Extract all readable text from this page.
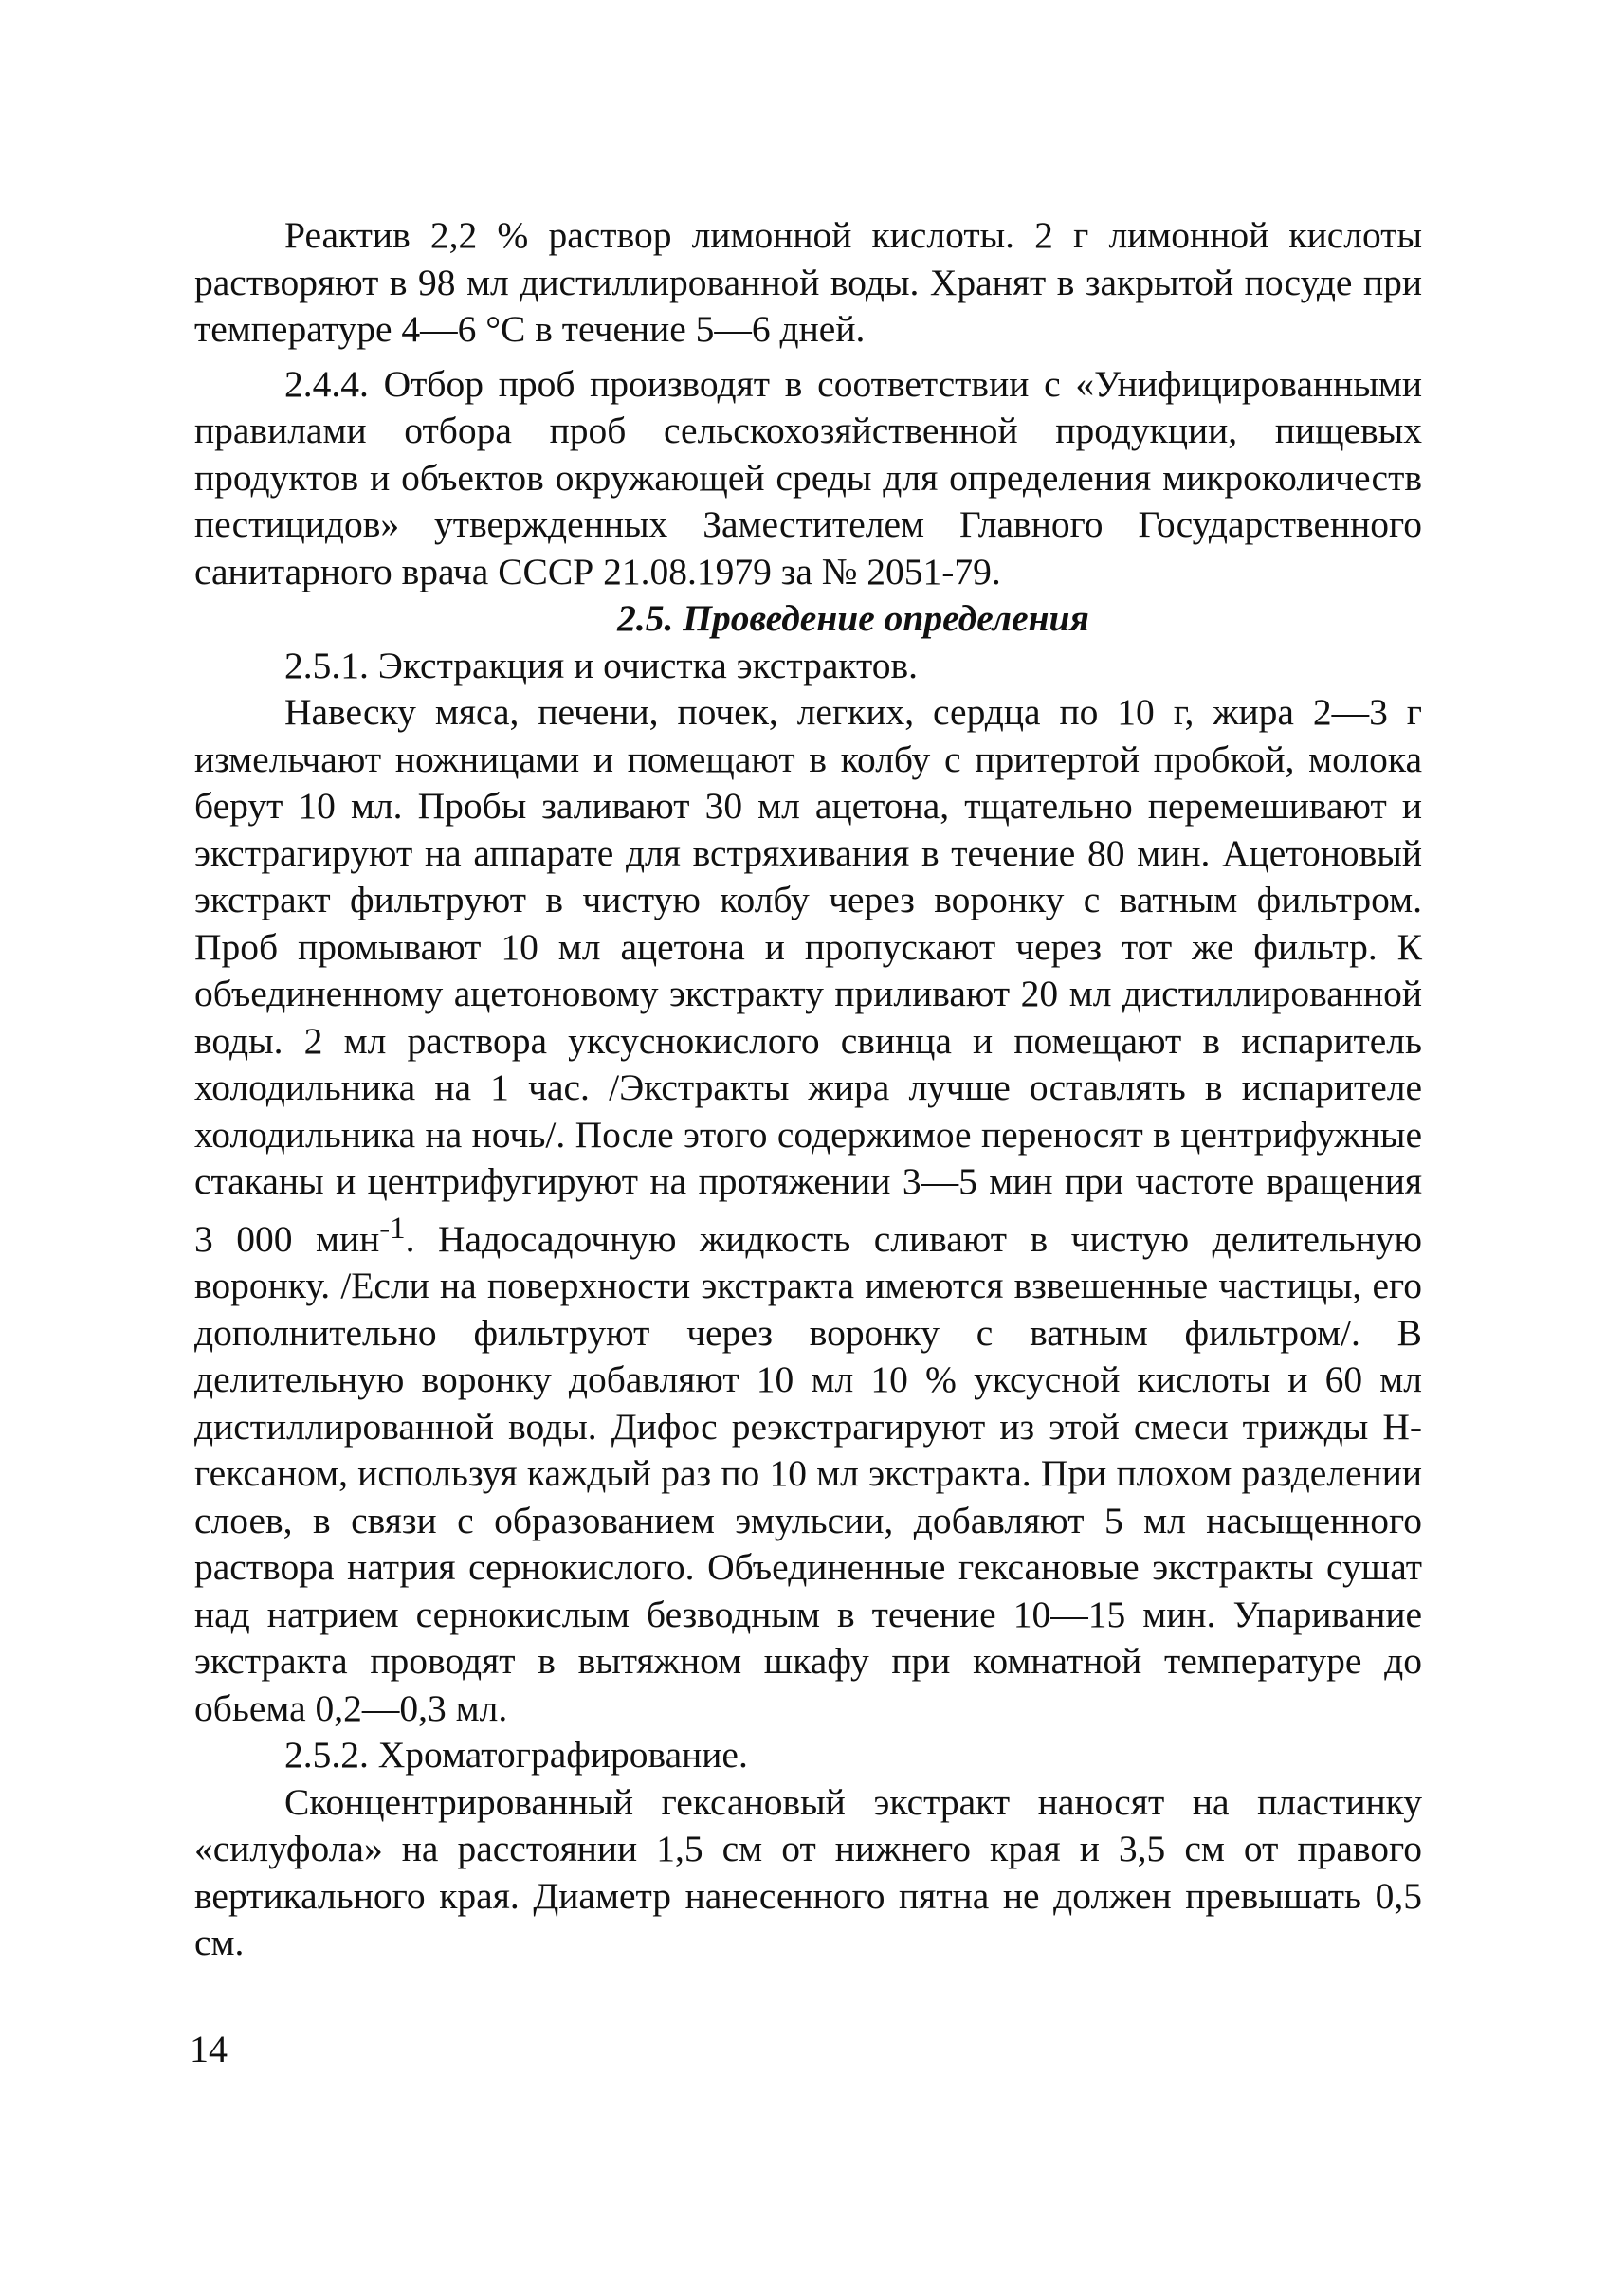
Реактив 2,2 % раствор лимонной кислоты. 2 г лимонной кислоты растворяют в 98 мл дистиллированной воды. Хранят в закрытой посуде при температуре 4—6 °С в течение 5—6 дней.

2.4.4. Отбор проб производят в соответствии с «Унифицированными правилами отбора проб сельскохозяйственной продукции, пищевых продуктов и объектов окружающей среды для определения микроколичеств пестицидов» утвержденных Заместителем Главного Государственного санитарного врача СССР 21.08.1979 за № 2051-79.

2.5. Проведение определения

2.5.1. Экстракция и очистка экстрактов.

Навеску мяса, печени, почек, легких, сердца по 10 г, жира 2—3 г измельчают ножницами и помещают в колбу с притертой пробкой, молока берут 10 мл. Пробы заливают 30 мл ацетона, тщательно перемешивают и экстрагируют на аппарате для встряхивания в течение 80 мин. Ацетоновый экстракт фильтруют в чистую колбу через воронку с ватным фильтром. Проб промывают 10 мл ацетона и пропускают через тот же фильтр. К объединенному ацетоновому экстракту приливают 20 мл дистиллированной воды. 2 мл раствора уксуснокислого свинца и помещают в испаритель холодильника на 1 час. /Экстракты жира лучше оставлять в испарителе холодильника на ночь/. После этого содержимое переносят в центрифужные стаканы и центрифугируют на протяжении 3—5 мин при частоте вращения 3 000 мин$^{-1}$. Надосадочную жидкость сливают в чистую делительную воронку. /Если на поверхности экстракта имеются взвешенные частицы, его дополнительно фильтруют через воронку с ватным фильтром/. В делительную воронку добавляют 10 мл 10 % уксусной кислоты и 60 мл дистиллированной воды. Дифос реэкстрагируют из этой смеси трижды Н-гексаном, используя каждый раз по 10 мл экстракта. При плохом разделении слоев, в связи с образованием эмульсии, добавляют 5 мл насыщенного раствора натрия сернокислого. Объединенные гексановые экстракты сушат над натрием сернокислым безводным в течение 10—15 мин. Упаривание экстракта проводят в вытяжном шкафу при комнатной температуре до обьема 0,2—0,3 мл.

2.5.2. Хроматографирование.

Сконцентрированный гексановый экстракт наносят на пластинку «силуфола» на расстоянии 1,5 см от нижнего края и 3,5 см от правого вертикального края. Диаметр нанесенного пятна не должен превышать 0,5 см.

14
